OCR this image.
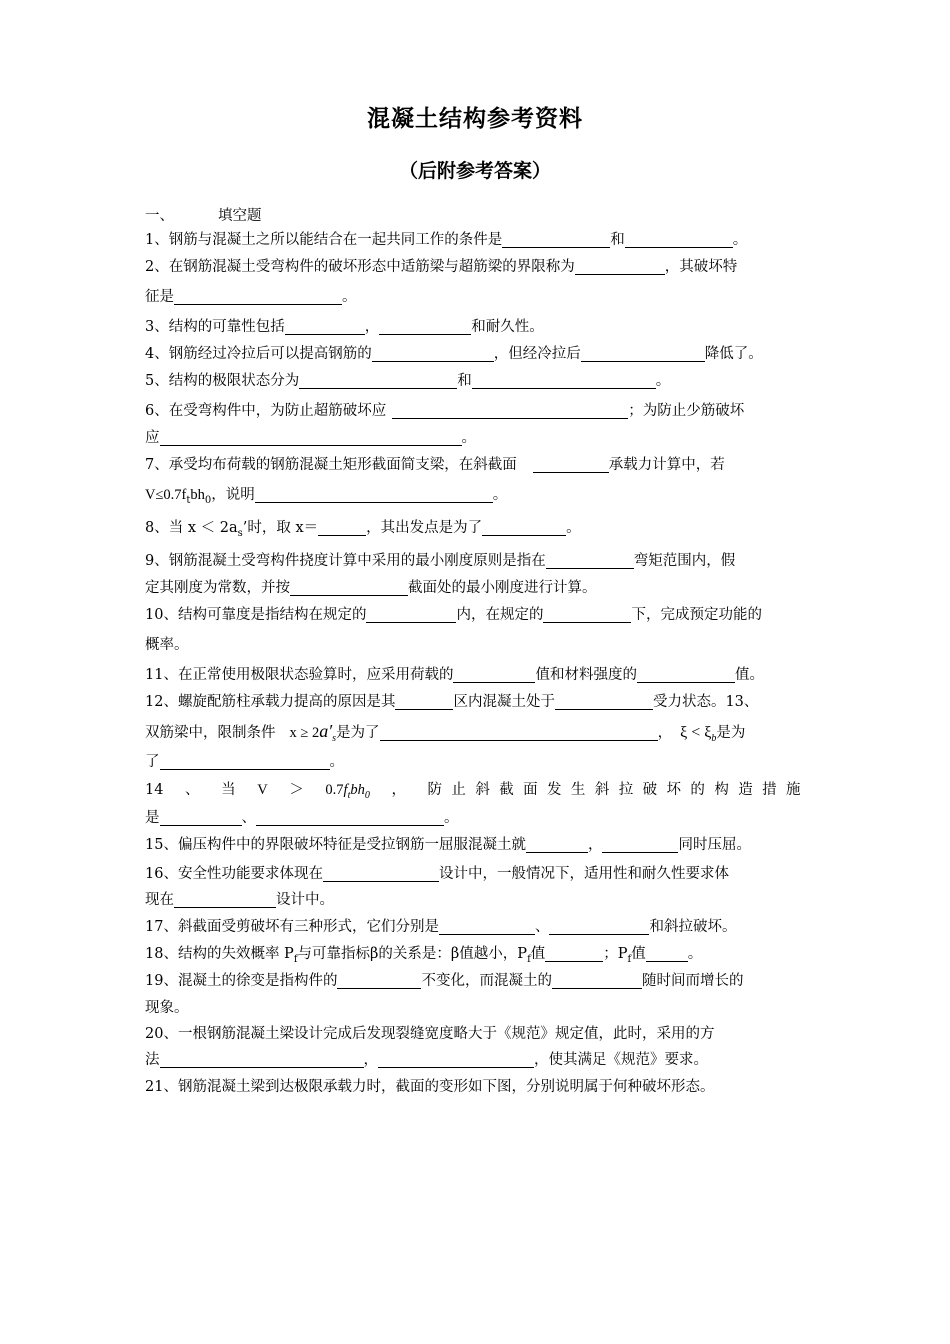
混凝土结构参考资料
（后附参考答案）
一、	填空题
1、钢筋与混凝土之所以能结合在一起共同工作的条件是	和	。
2、在钢筋混凝土受弯构件的破坏形态中适筋梁与超筋梁的界限称为	，其破坏特
征是	。
3、结构的可靠性包括	，	和耐久性。
4、钢筋经过冷拉后可以提高钢筋的	，但经冷拉后	降低了。
5、结构的极限状态分为	和	。
6、在受弯构件中，为防止超筋破坏应	；为防止少筋破坏
应	。
7、承受均布荷载的钢筋混凝土矩形截面简支梁，在斜截面	承载力计算中，若
$V\le 0.7f_tbh_0$，说明	。
8、当 $x < 2a_s$’时，取 x＝	，其出发点是为了	。
9、钢筋混凝土受弯构件挠度计算中采用的最小刚度原则是指在	弯矩范围内，假
定其刚度为常数，并按	截面处的最小刚度进行计算。
10、结构可靠度是指结构在规定的	内，在规定的	下，完成预定功能的
概率。
11、在正常使用极限状态验算时，应采用荷载的	值和材料强度的	值。
12、螺旋配筋柱承载力提高的原因是其	区内混凝土处于	受力状态。13、
双筋梁中，限制条件 $x \ge 2a'_s$是为了	， $\xi < \xi_b$是为
了	。
14 、 当 $V > 0.7f_tbh_0$ ， 防止斜截面发生斜拉破坏的构造措施
是	、	。
15、偏压构件中的界限破坏特征是受拉钢筋一屈服混凝土就	，	同时压屈。
16、安全性功能要求体现在	设计中，一般情况下，适用性和耐久性要求体
现在	设计中。
17、斜截面受剪破坏有三种形式，它们分别是	、	和斜拉破坏。
18、结构的失效概率 $P_f$与可靠指标β的关系是：β值越小，$P_f$值	；$P_f$值	。
19、混凝土的徐变是指构件的	不变化，而混凝土的	随时间而增长的
现象。
20、一根钢筋混凝土梁设计完成后发现裂缝宽度略大于《规范》规定值，此时，采用的方
法	，	，使其满足《规范》要求。
21、钢筋混凝土梁到达极限承载力时，截面的变形如下图，分别说明属于何种破坏形态。
